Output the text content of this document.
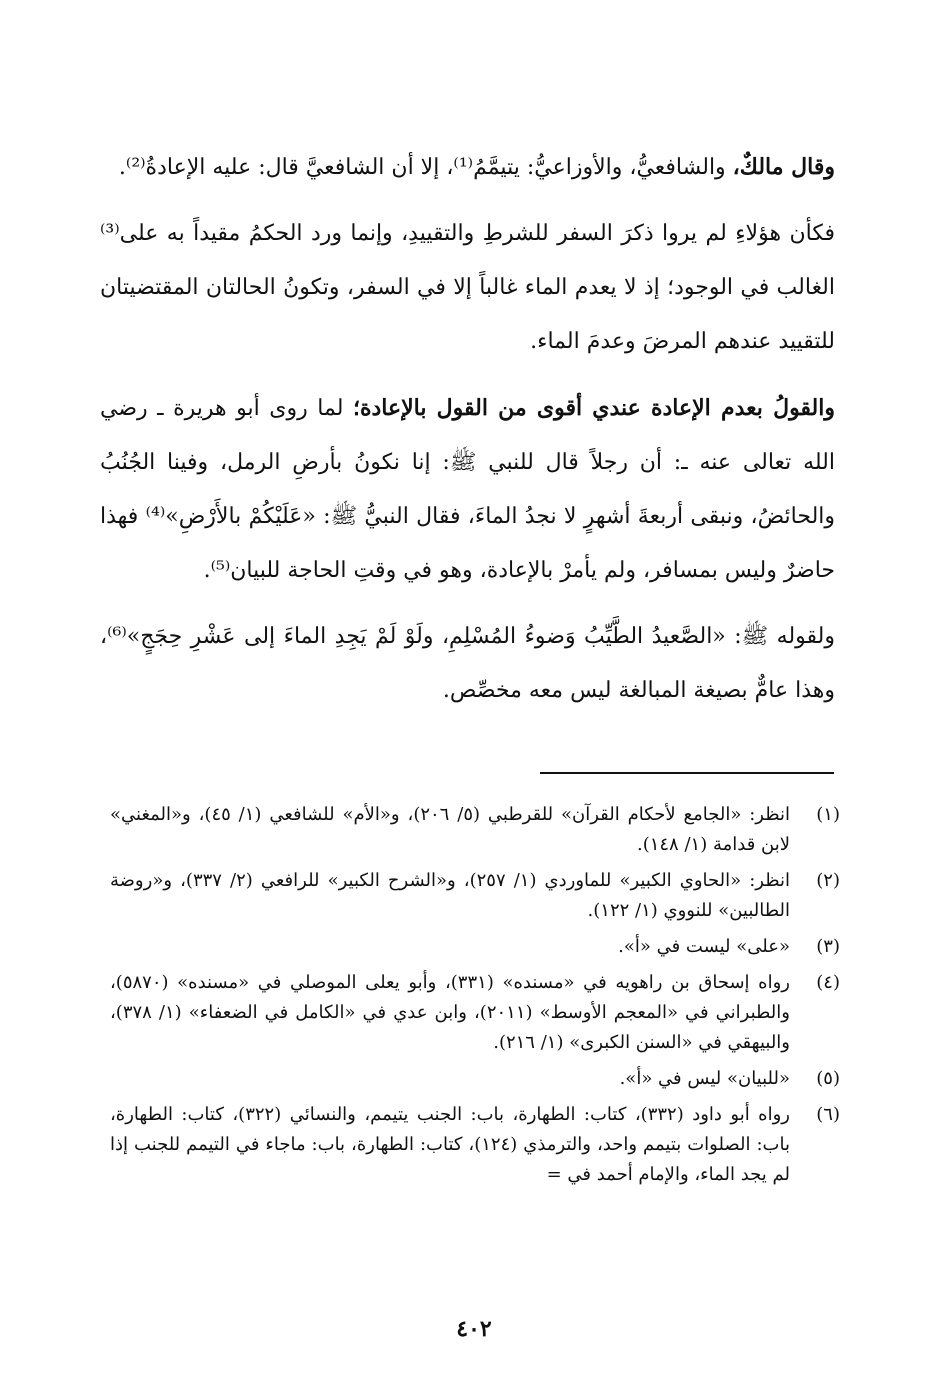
وقال مالكٌ، والشافعيُّ، والأوزاعيُّ: يتيمَّمُ⁽¹⁾، إلا أن الشافعيَّ قال: عليه الإعادةُ⁽²⁾.

فكأن هؤلاءِ لم يروا ذكرَ السفر للشرطِ والتقييدِ، وإنما ورد الحكمُ مقيداً به على⁽³⁾ الغالب في الوجود؛ إذ لا يعدم الماء غالباً إلا في السفر، وتكونُ الحالتان المقتضيتان للتقييد عندهم المرضَ وعدمَ الماء.

والقولُ بعدم الإعادة عندي أقوى من القول بالإعادة؛ لما روى أبو هريرة ـ رضي الله تعالى عنه ـ: أن رجلاً قال للنبي ﷺ: إنا نكونُ بأرضِ الرمل، وفينا الجُنُبُ والحائضُ، ونبقى أربعةَ أشهرٍ لا نجدُ الماءَ، فقال النبيُّ ﷺ: «عَلَيْكُمْ بالأَرْضِ»⁽⁴⁾ فهذا حاضرٌ وليس بمسافر، ولم يأمرْ بالإعادة، وهو في وقتِ الحاجة للبيان⁽⁵⁾.

ولقوله ﷺ: «الصَّعيدُ الطَّيِّبُ وَضوءُ المُسْلِمِ، ولَوْ لَمْ يَجِدِ الماءَ إلى عَشْرِ حِجَجٍ»⁽⁶⁾، وهذا عامٌّ بصيغة المبالغة ليس معه مخصِّص.

(١)
انظر: «الجامع لأحكام القرآن» للقرطبي (٥/ ٢٠٦)، و«الأم» للشافعي (١/ ٤٥)، و«المغني» لابن قدامة (١/ ١٤٨).
(٢)
انظر: «الحاوي الكبير» للماوردي (١/ ٢٥٧)، و«الشرح الكبير» للرافعي (٢/ ٣٣٧)، و«روضة الطالبين» للنووي (١/ ١٢٢).
(٣)
«على» ليست في «أ».
(٤)
رواه إسحاق بن راهويه في «مسنده» (٣٣١)، وأبو يعلى الموصلي في «مسنده» (٥٨٧٠)، والطبراني في «المعجم الأوسط» (٢٠١١)، وابن عدي في «الكامل في الضعفاء» (١/ ٣٧٨)، والبيهقي في «السنن الكبرى» (١/ ٢١٦).
(٥)
«للبيان» ليس في «أ».
(٦)
رواه أبو داود (٣٣٢)، كتاب: الطهارة، باب: الجنب يتيمم، والنسائي (٣٢٢)، كتاب: الطهارة، باب: الصلوات بتيمم واحد، والترمذي (١٢٤)، كتاب: الطهارة، باب: ماجاء في التيمم للجنب إذا لم يجد الماء، والإمام أحمد في =
٤٠٢
